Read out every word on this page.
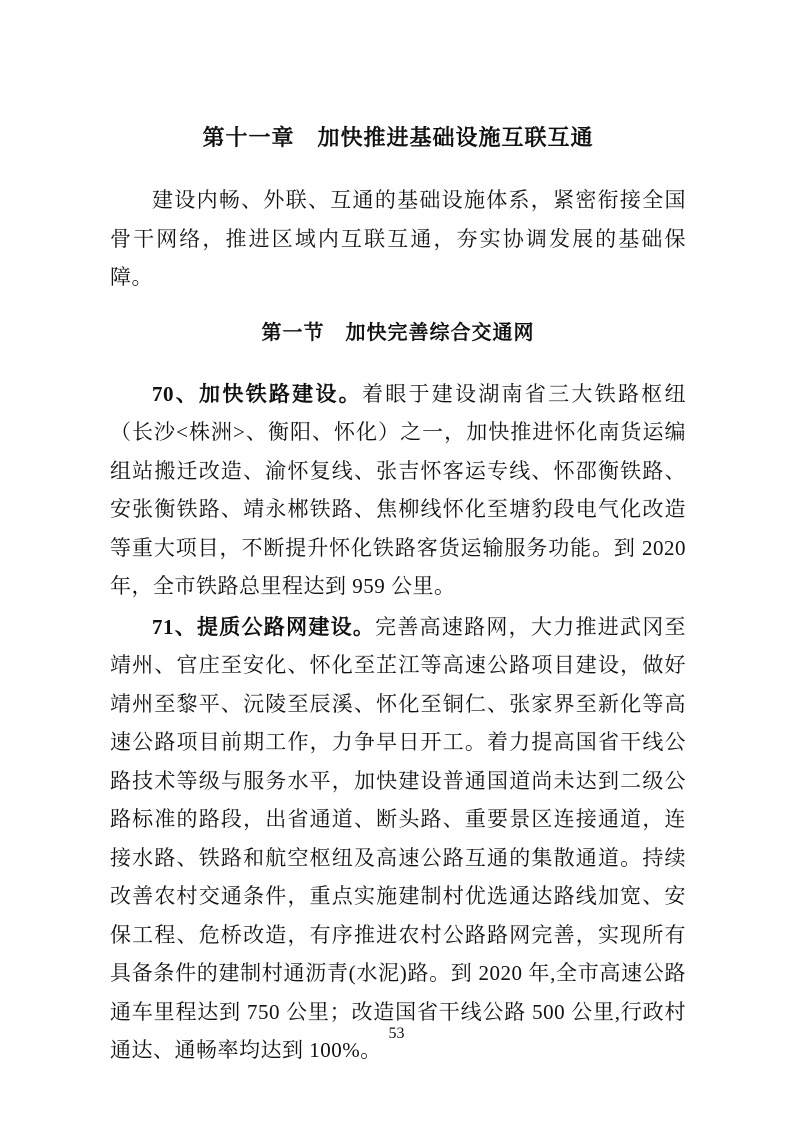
第十一章　加快推进基础设施互联互通

建设内畅、外联、互通的基础设施体系，紧密衔接全国骨干网络，推进区域内互联互通，夯实协调发展的基础保障。

第一节　加快完善综合交通网

70、加快铁路建设。着眼于建设湖南省三大铁路枢纽（长沙<株洲>、衡阳、怀化）之一，加快推进怀化南货运编组站搬迁改造、渝怀复线、张吉怀客运专线、怀邵衡铁路、安张衡铁路、靖永郴铁路、焦柳线怀化至塘豹段电气化改造等重大项目，不断提升怀化铁路客货运输服务功能。到 2020 年，全市铁路总里程达到 959 公里。

71、提质公路网建设。完善高速路网，大力推进武冈至靖州、官庄至安化、怀化至芷江等高速公路项目建设，做好靖州至黎平、沅陵至辰溪、怀化至铜仁、张家界至新化等高速公路项目前期工作，力争早日开工。着力提高国省干线公路技术等级与服务水平，加快建设普通国道尚未达到二级公路标准的路段，出省通道、断头路、重要景区连接通道，连接水路、铁路和航空枢纽及高速公路互通的集散通道。持续改善农村交通条件，重点实施建制村优选通达路线加宽、安保工程、危桥改造，有序推进农村公路路网完善，实现所有具备条件的建制村通沥青(水泥)路。到 2020 年,全市高速公路通车里程达到 750 公里；改造国省干线公路 500 公里,行政村通达、通畅率均达到 100%。

53
